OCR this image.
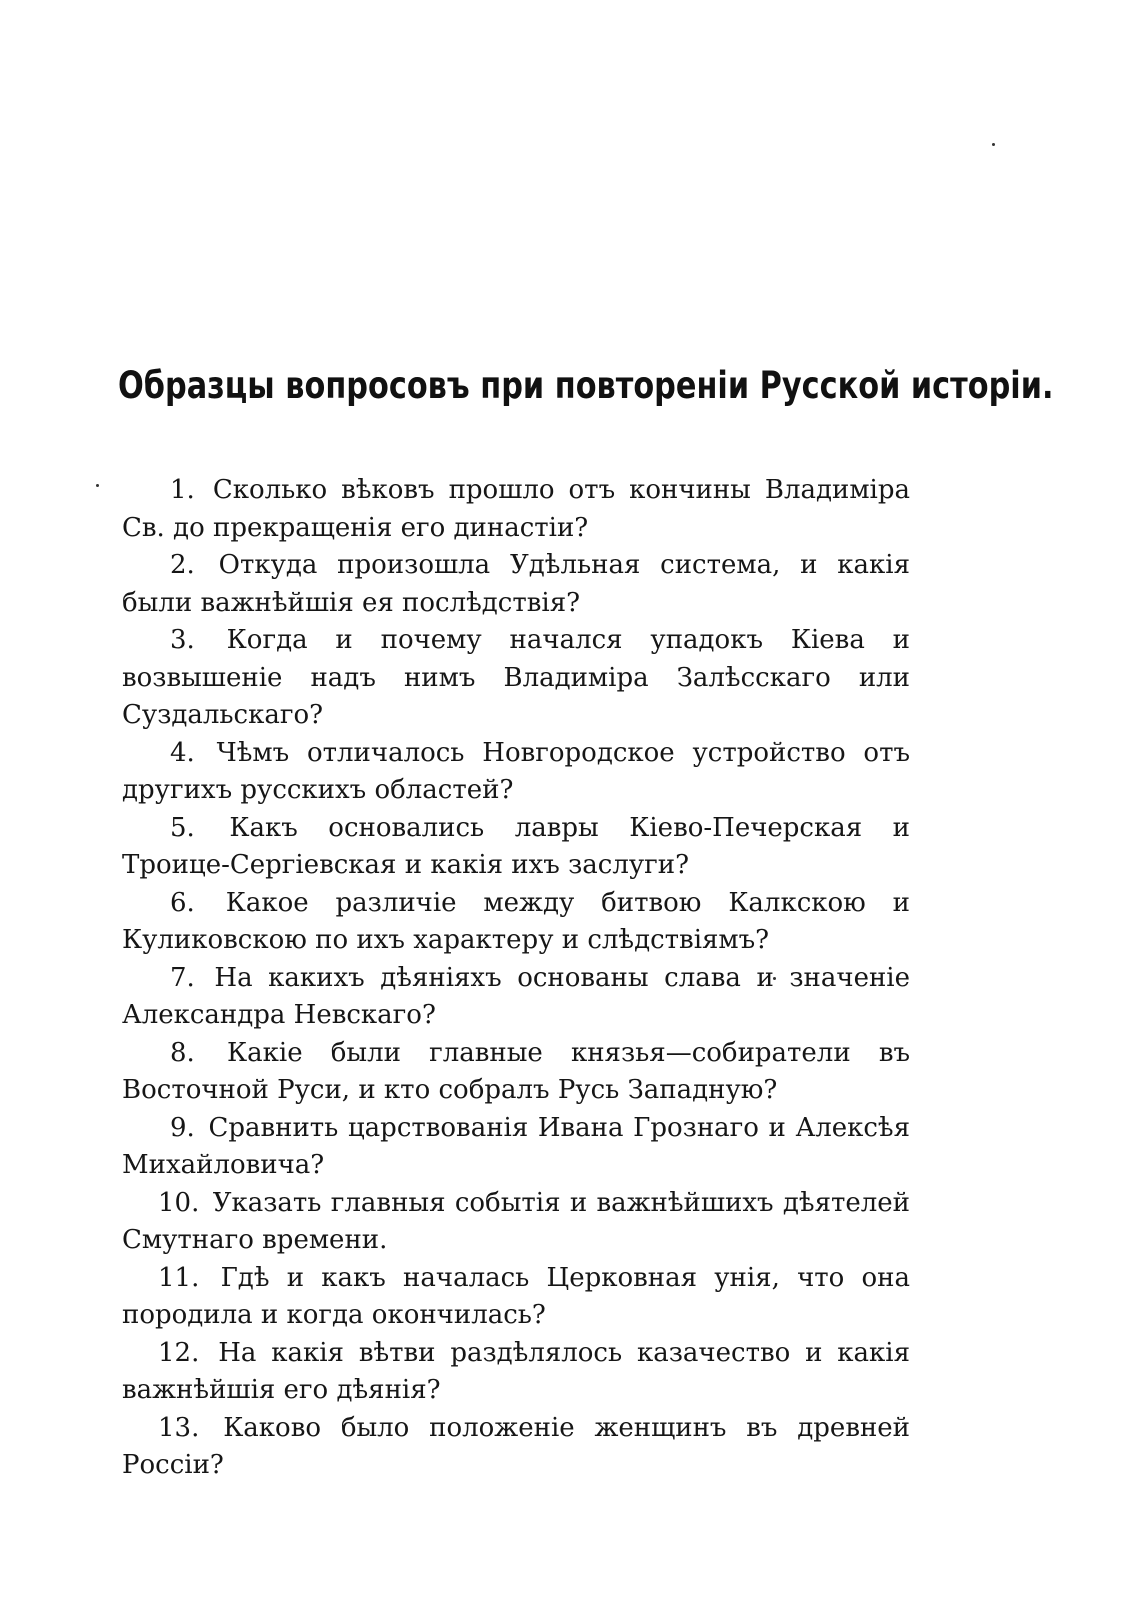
Образцы вопросовъ при повтореніи Русской исторіи.
1. Сколько вѣковъ прошло отъ кончины Владиміра Св. до прекращенія его династіи?
2. Откуда произошла Удѣльная система, и какія были важнѣйшія ея послѣдствія?
3. Когда и почему начался упадокъ Кіева и возвышеніе надъ нимъ Владиміра Залѣсскаго или Суздальскаго?
4. Чѣмъ отличалось Новгородское устройство отъ другихъ русскихъ областей?
5. Какъ основались лавры Кіево-Печерская и Троице-Сергіевская и какія ихъ заслуги?
6. Какое различіе между битвою Калкскою и Куликовскою по ихъ характеру и слѣдствіямъ?
7. На какихъ дѣяніяхъ основаны слава и значеніе Александра Невскаго?
8. Какіе были главные князья—собиратели въ Восточной Руси, и кто собралъ Русь Западную?
9. Сравнить царствованія Ивана Грознаго и Алексѣя Михайловича?
10. Указать главныя событія и важнѣйшихъ дѣятелей Смутнаго времени.
11. Гдѣ и какъ началась Церковная унія, что она породила и когда окончилась?
12. На какія вѣтви раздѣлялось казачество и какія важнѣйшія его дѣянія?
13. Каково было положеніе женщинъ въ древней Россіи?
